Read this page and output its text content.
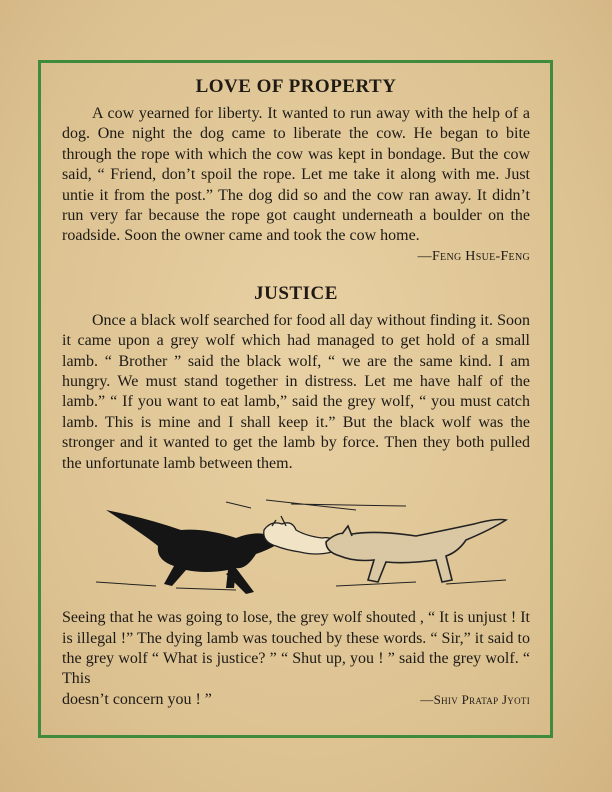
LOVE OF PROPERTY

A cow yearned for liberty. It wanted to run away with the help of a dog. One night the dog came to liberate the cow. He began to bite through the rope with which the cow was kept in bondage. But the cow said, “ Friend, don’t spoil the rope. Let me take it along with me. Just untie it from the post.” The dog did so and the cow ran away. It didn’t run very far because the rope got caught underneath a boulder on the roadside. Soon the owner came and took the cow home.

—Feng Hsue-Feng
JUSTICE

Once a black wolf searched for food all day without finding it. Soon it came upon a grey wolf which had managed to get hold of a small lamb. “ Brother ” said the black wolf, “ we are the same kind. I am hungry. We must stand together in distress. Let me have half of the lamb.” “ If you want to eat lamb,” said the grey wolf, “ you must catch lamb. This is mine and I shall keep it.” But the black wolf was the stronger and it wanted to get the lamb by force. Then they both pulled the unfortunate lamb between them.

Seeing that he was going to lose, the grey wolf shouted , “ It is unjust ! It is illegal !” The dying lamb was touched by these words. “ Sir,” it said to the grey wolf “ What is justice? ” “ Shut up, you ! ” said the grey wolf. “ This

doesn’t concern you ! ”	—Shiv Pratap Jyoti
